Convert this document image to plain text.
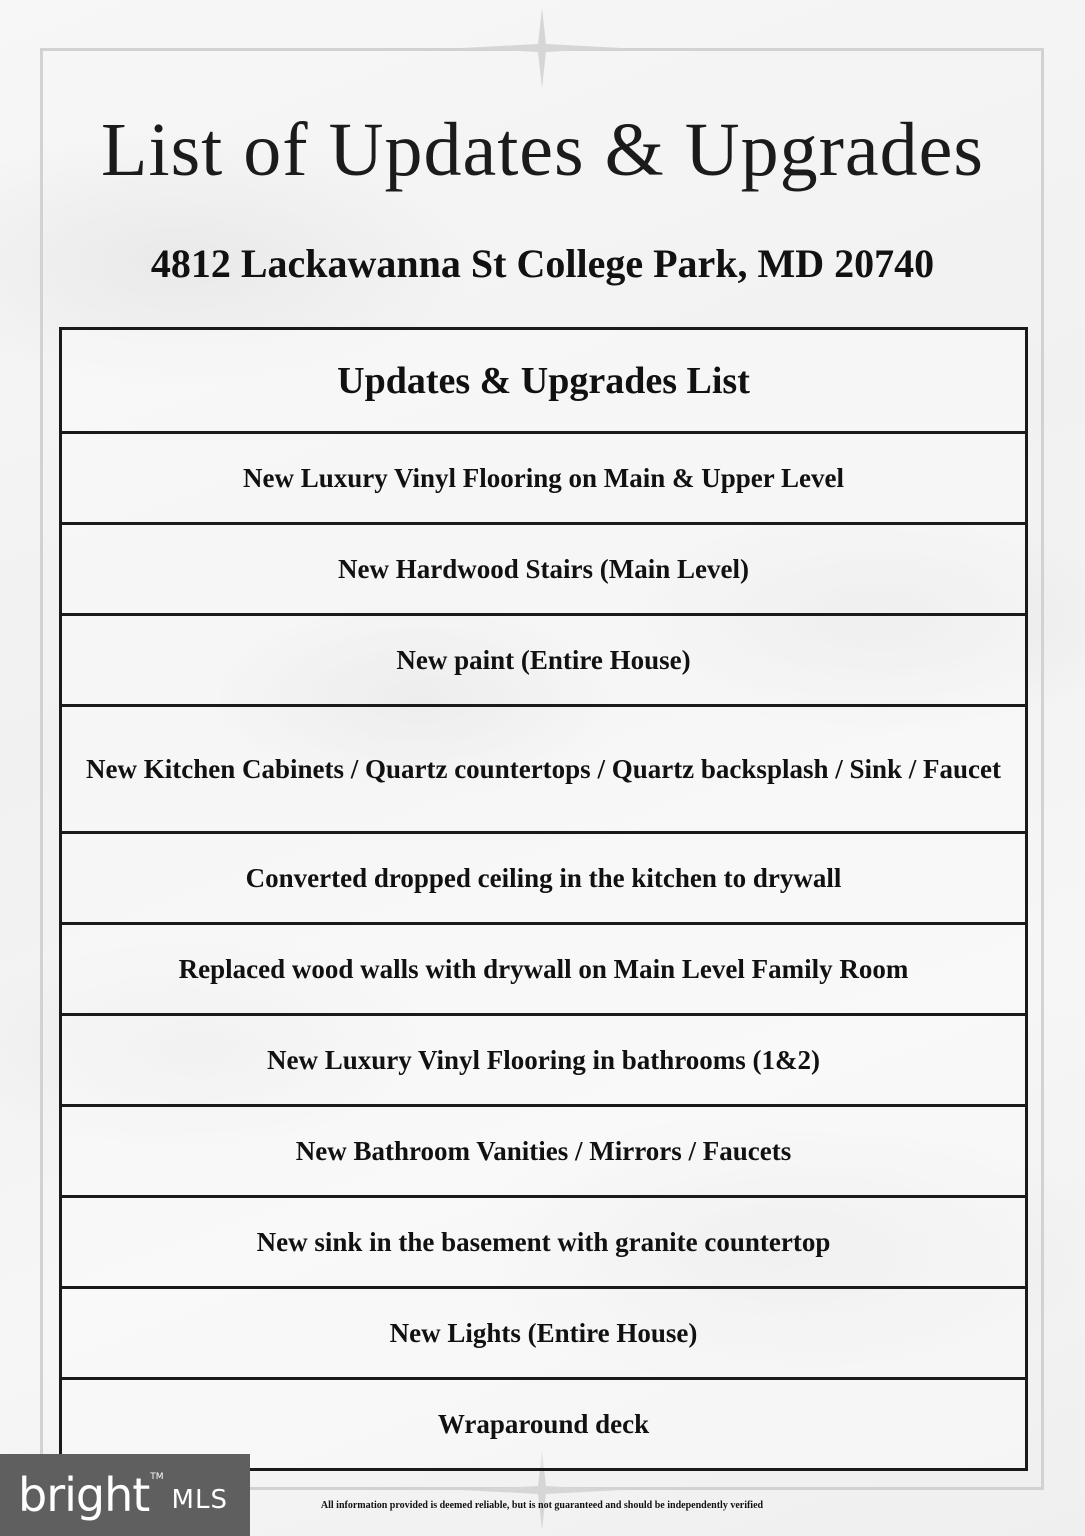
List of Updates & Upgrades
4812 Lackawanna St College Park, MD 20740
Updates & Upgrades List
New Luxury Vinyl Flooring on Main & Upper Level
New Hardwood Stairs (Main Level)
New paint (Entire House)
New Kitchen Cabinets / Quartz countertops / Quartz backsplash / Sink / Faucet
Converted dropped ceiling in the kitchen to drywall
Replaced wood walls with drywall on Main Level Family Room
New Luxury Vinyl Flooring in bathrooms (1&2)
New Bathroom Vanities / Mirrors / Faucets
New sink in the basement with granite countertop
New Lights (Entire House)
Wraparound deck
bright TM
MLS	All information provided is deemed reliable, but is not guaranteed and should be independently verified
